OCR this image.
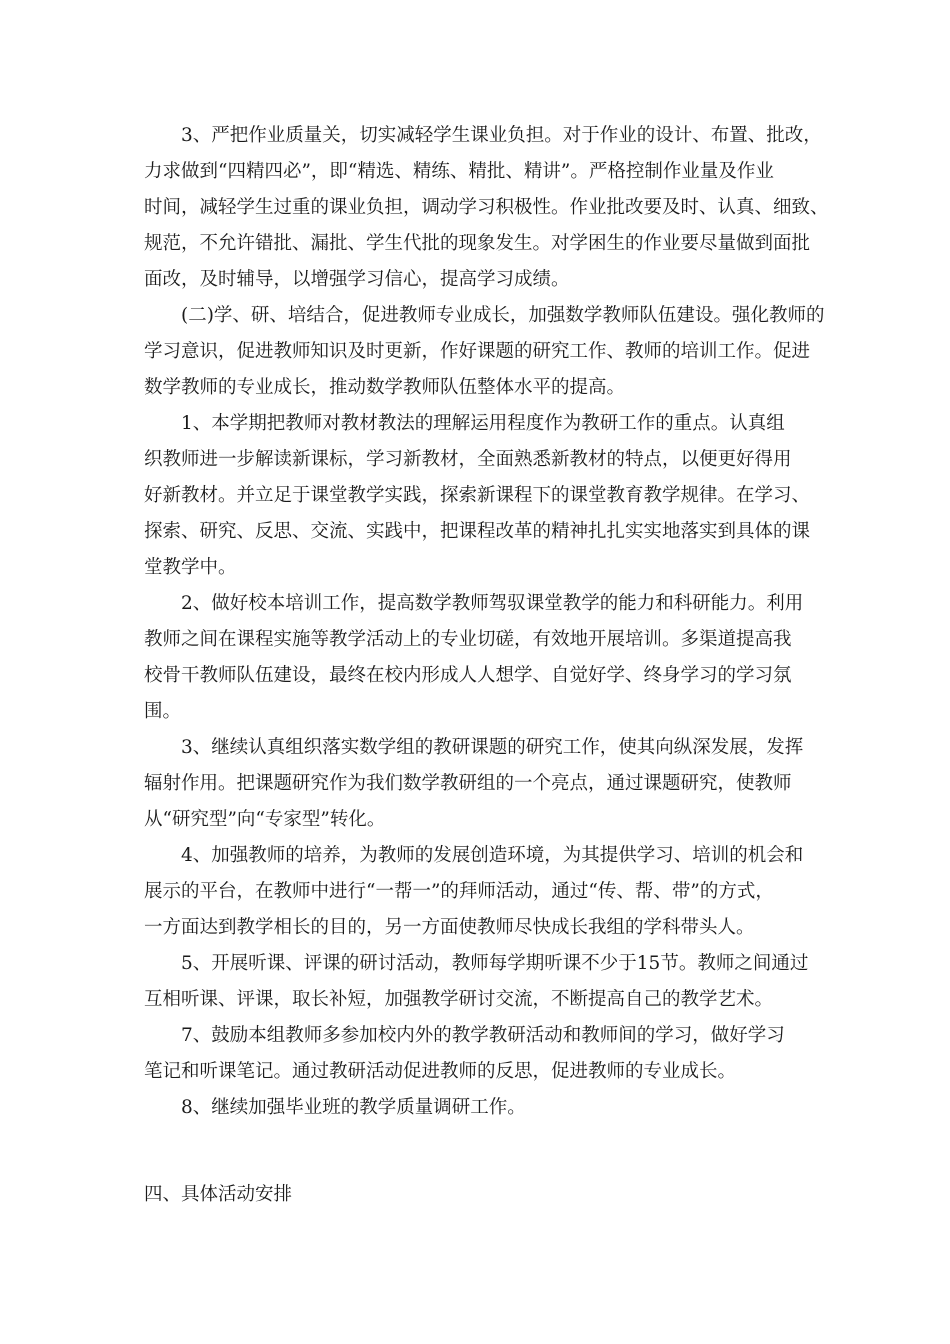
3、严把作业质量关，切实减轻学生课业负担。对于作业的设计、布置、批改，

力求做到“四精四必”，即“精选、精练、精批、精讲”。严格控制作业量及作业

时间，减轻学生过重的课业负担，调动学习积极性。作业批改要及时、认真、细致、

规范，不允许错批、漏批、学生代批的现象发生。对学困生的作业要尽量做到面批

面改，及时辅导，以增强学习信心，提高学习成绩。

(二)学、研、培结合，促进教师专业成长，加强数学教师队伍建设。强化教师的

学习意识，促进教师知识及时更新，作好课题的研究工作、教师的培训工作。促进

数学教师的专业成长，推动数学教师队伍整体水平的提高。

1、本学期把教师对教材教法的理解运用程度作为教研工作的重点。认真组

织教师进一步解读新课标，学习新教材，全面熟悉新教材的特点，以便更好得用

好新教材。并立足于课堂教学实践，探索新课程下的课堂教育教学规律。在学习、

探索、研究、反思、交流、实践中，把课程改革的精神扎扎实实地落实到具体的课

堂教学中。

2、做好校本培训工作，提高数学教师驾驭课堂教学的能力和科研能力。利用

教师之间在课程实施等教学活动上的专业切磋，有效地开展培训。多渠道提高我

校骨干教师队伍建设，最终在校内形成人人想学、自觉好学、终身学习的学习氛

围。

3、继续认真组织落实数学组的教研课题的研究工作，使其向纵深发展，发挥

辐射作用。把课题研究作为我们数学教研组的一个亮点，通过课题研究，使教师

从“研究型”向“专家型”转化。

4、加强教师的培养，为教师的发展创造环境，为其提供学习、培训的机会和

展示的平台，在教师中进行“一帮一”的拜师活动，通过“传、帮、带”的方式，

一方面达到教学相长的目的，另一方面使教师尽快成长我组的学科带头人。

5、开展听课、评课的研讨活动，教师每学期听课不少于15节。教师之间通过

互相听课、评课，取长补短，加强教学研讨交流，不断提高自己的教学艺术。

7、鼓励本组教师多参加校内外的教学教研活动和教师间的学习，做好学习

笔记和听课笔记。通过教研活动促进教师的反思，促进教师的专业成长。

8、继续加强毕业班的教学质量调研工作。

四、具体活动安排
